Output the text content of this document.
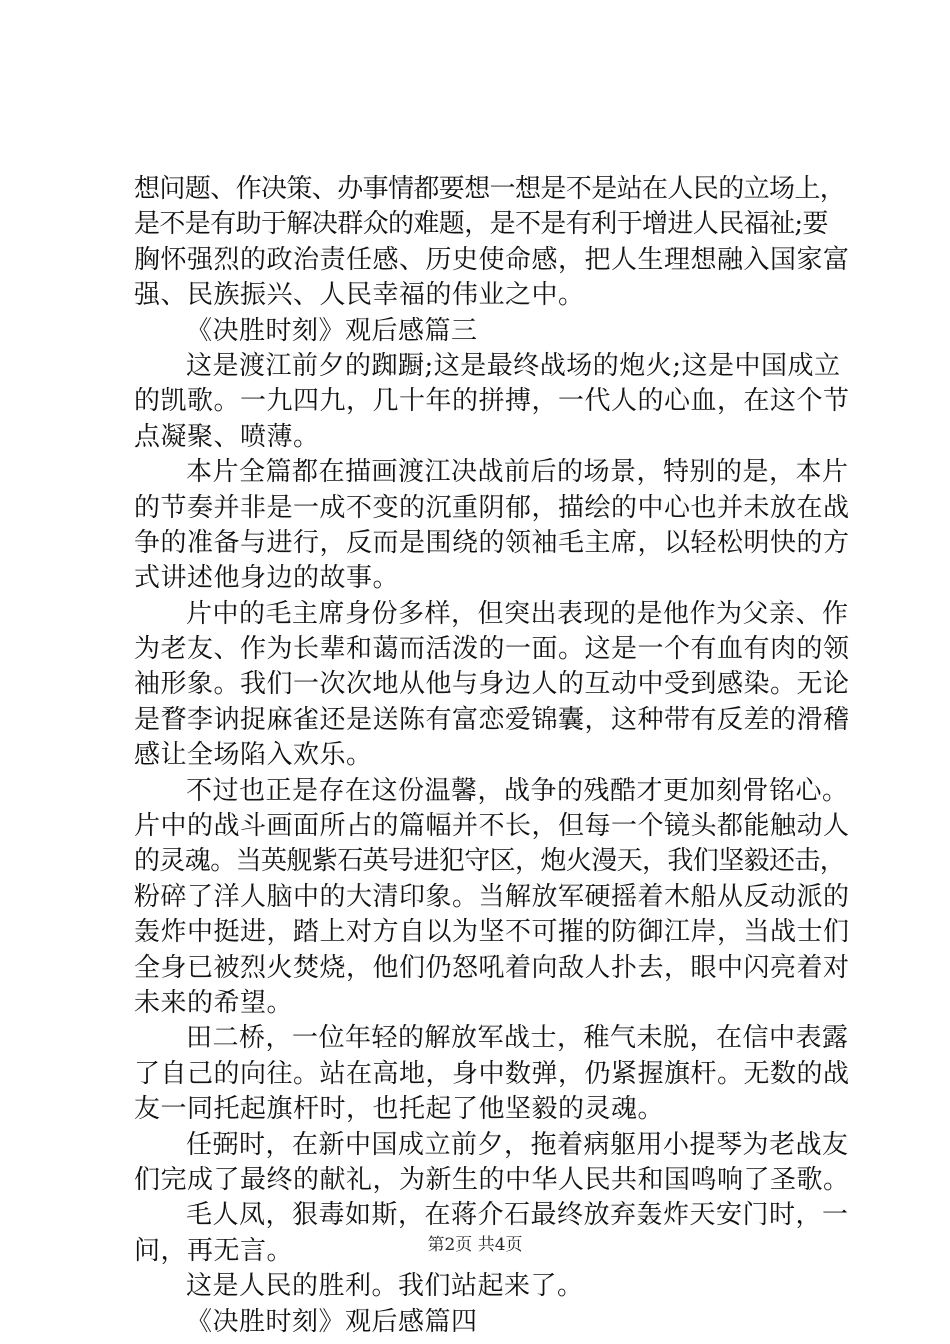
想问题、作决策、办事情都要想一想是不是站在人民的立场上，
是不是有助于解决群众的难题，是不是有利于增进人民福祉;要
胸怀强烈的政治责任感、历史使命感，把人生理想融入国家富
强、民族振兴、人民幸福的伟业之中。
《决胜时刻》观后感篇三
这是渡江前夕的踟蹰;这是最终战场的炮火;这是中国成立
的凯歌。一九四九，几十年的拼搏，一代人的心血，在这个节
点凝聚、喷薄。
本片全篇都在描画渡江决战前后的场景，特别的是，本片
的节奏并非是一成不变的沉重阴郁，描绘的中心也并未放在战
争的准备与进行，反而是围绕的领袖毛主席，以轻松明快的方
式讲述他身边的故事。
片中的毛主席身份多样，但突出表现的是他作为父亲、作
为老友、作为长辈和蔼而活泼的一面。这是一个有血有肉的领
袖形象。我们一次次地从他与身边人的互动中受到感染。无论
是瞀李讷捉麻雀还是送陈有富恋爱锦囊，这种带有反差的滑稽
感让全场陷入欢乐。
不过也正是存在这份温馨，战争的残酷才更加刻骨铭心。
片中的战斗画面所占的篇幅并不长，但每一个镜头都能触动人
的灵魂。当英舰紫石英号进犯守区，炮火漫天，我们坚毅还击，
粉碎了洋人脑中的大清印象。当解放军硬摇着木船从反动派的
轰炸中挺进，踏上对方自以为坚不可摧的防御江岸，当战士们
全身已被烈火焚烧，他们仍怒吼着向敌人扑去，眼中闪亮着对
未来的希望。
田二桥，一位年轻的解放军战士，稚气未脱，在信中表露
了自己的向往。站在高地，身中数弹，仍紧握旗杆。无数的战
友一同托起旗杆时，也托起了他坚毅的灵魂。
任弼时，在新中国成立前夕，拖着病躯用小提琴为老战友
们完成了最终的献礼，为新生的中华人民共和国鸣响了圣歌。
毛人凤，狠毒如斯，在蒋介石最终放弃轰炸天安门时，一
问，再无言。
这是人民的胜利。我们站起来了。
《决胜时刻》观后感篇四
第2页 共4页
